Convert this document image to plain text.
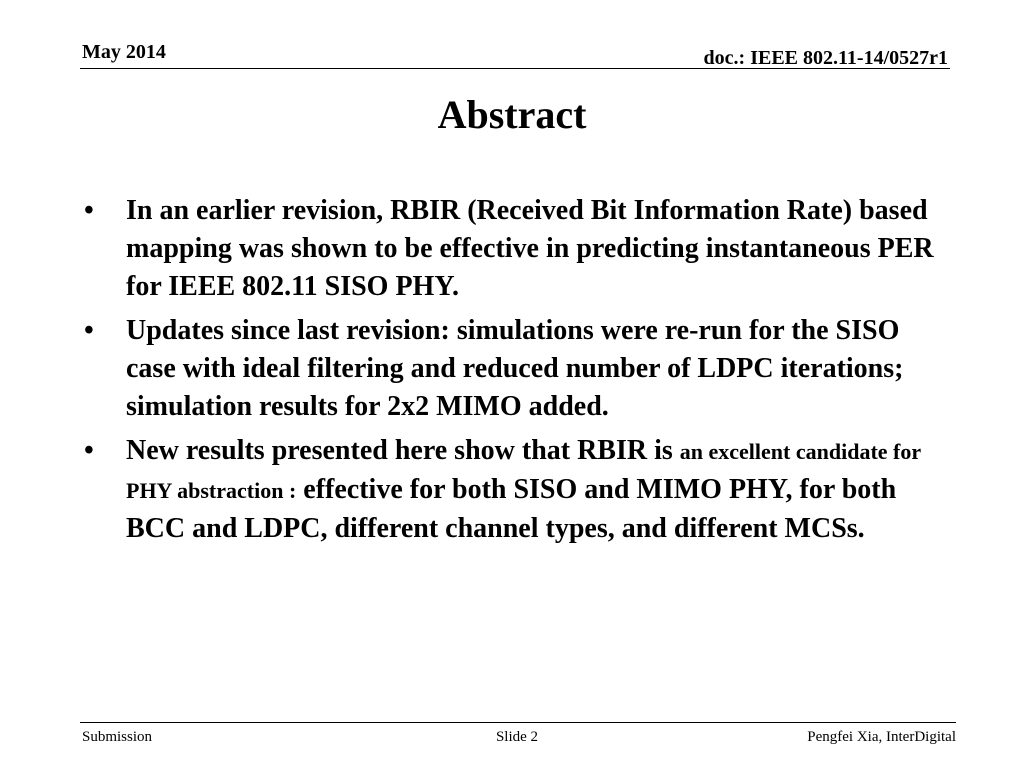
May 2014	doc.: IEEE 802.11-14/0527r1
Abstract
•	In an earlier revision, RBIR (Received Bit Information Rate) based mapping was shown to be effective in predicting instantaneous PER for IEEE 802.11 SISO PHY.
•	Updates since last revision: simulations were re-run for the SISO case with ideal filtering and reduced number of LDPC iterations; simulation results for 2x2 MIMO added.
•	New results presented here show that RBIR is an excellent candidate for PHY abstraction : effective for both SISO and MIMO PHY, for both BCC and LDPC, different channel types, and different MCSs.
Submission	Slide 2	Pengfei Xia, InterDigital
